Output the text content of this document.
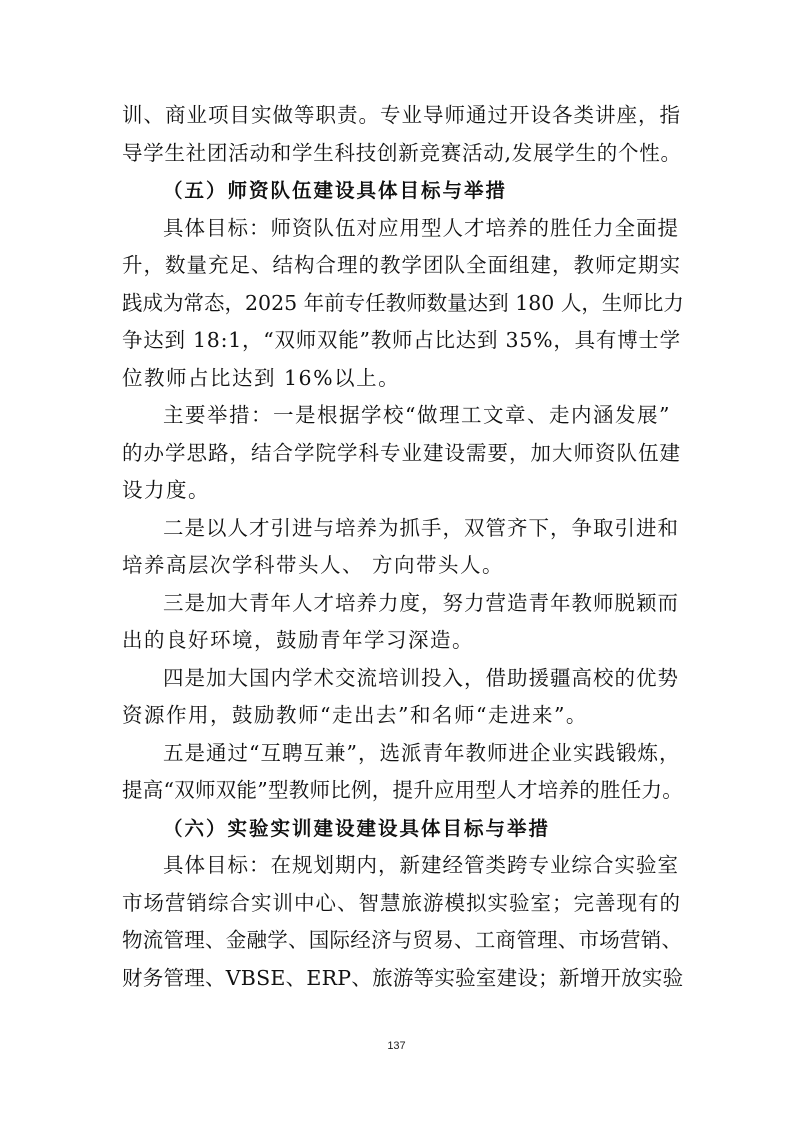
训、商业项目实做等职责。专业导师通过开设各类讲座，指
导学生社团活动和学生科技创新竞赛活动,发展学生的个性。
（五）师资队伍建设具体目标与举措
具体目标：师资队伍对应用型人才培养的胜任力全面提
升，数量充足、结构合理的教学团队全面组建，教师定期实
践成为常态，2025 年前专任教师数量达到 180 人，生师比力
争达到 18:1，“双师双能”教师占比达到 35%，具有博士学
位教师占比达到 16%以上。
主要举措：一是根据学校“做理工文章、走内涵发展”
的办学思路，结合学院学科专业建设需要，加大师资队伍建
设力度。
二是以人才引进与培养为抓手，双管齐下，争取引进和
培养高层次学科带头人、 方向带头人。
三是加大青年人才培养力度，努力营造青年教师脱颖而
出的良好环境，鼓励青年学习深造。
四是加大国内学术交流培训投入，借助援疆高校的优势
资源作用，鼓励教师“走出去”和名师“走进来”。
五是通过“互聘互兼”，选派青年教师进企业实践锻炼，
提高“双师双能”型教师比例，提升应用型人才培养的胜任力。
（六）实验实训建设建设具体目标与举措
具体目标：在规划期内，新建经管类跨专业综合实验室
市场营销综合实训中心、智慧旅游模拟实验室；完善现有的
物流管理、金融学、国际经济与贸易、工商管理、市场营销、
财务管理、VBSE、ERP、旅游等实验室建设；新增开放实验
137
